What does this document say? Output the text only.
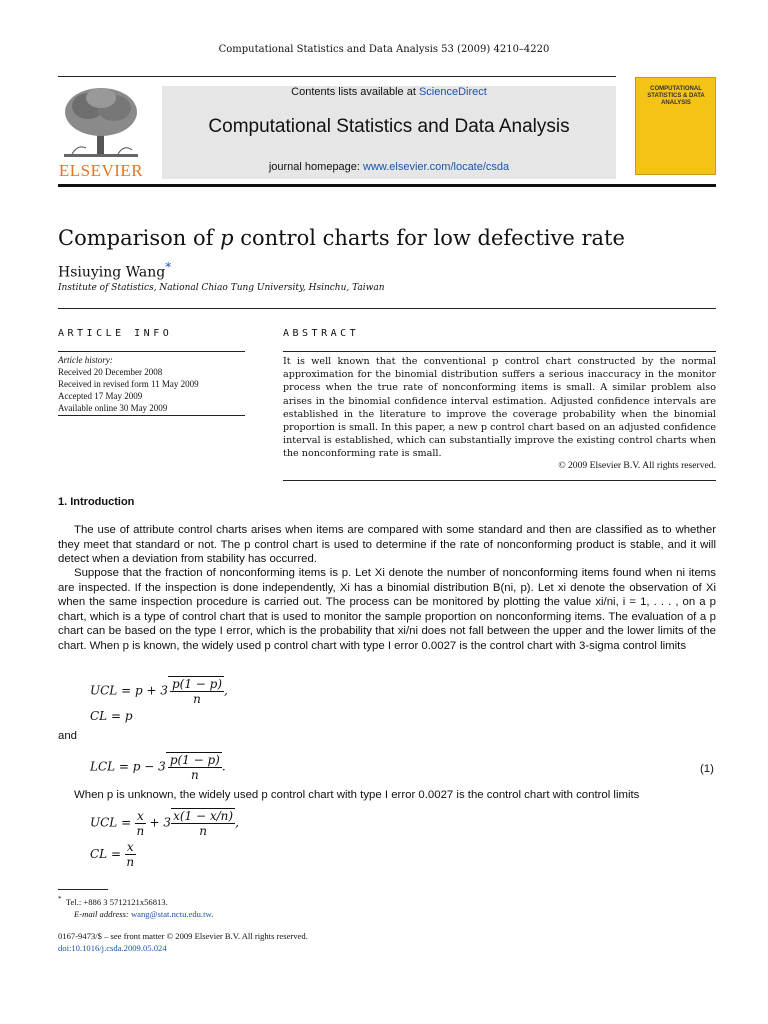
Computational Statistics and Data Analysis 53 (2009) 4210–4220
ELSEVIER
Contents lists available at ScienceDirect
Computational Statistics and Data Analysis
journal homepage: www.elsevier.com/locate/csda
COMPUTATIONAL STATISTICS & DATA ANALYSIS
Comparison of p control charts for low defective rate
Hsiuying Wang*
Institute of Statistics, National Chiao Tung University, Hsinchu, Taiwan
ARTICLE INFO	ABSTRACT
Article history:
Received 20 December 2008
Received in revised form 11 May 2009
Accepted 17 May 2009
Available online 30 May 2009
It is well known that the conventional p control chart constructed by the normal approximation for the binomial distribution suffers a serious inaccuracy in the monitor process when the true rate of nonconforming items is small. A similar problem also arises in the binomial confidence interval estimation. Adjusted confidence intervals are established in the literature to improve the coverage probability when the binomial proportion is small. In this paper, a new p control chart based on an adjusted confidence interval is established, which can substantially improve the existing control charts when the nonconforming rate is small.
© 2009 Elsevier B.V. All rights reserved.
1. Introduction
The use of attribute control charts arises when items are compared with some standard and then are classified as to whether they meet that standard or not. The p control chart is used to determine if the rate of nonconforming product is stable, and it will detect when a deviation from stability has occurred.
Suppose that the fraction of nonconforming items is p. Let Xi denote the number of nonconforming items found when ni items are inspected. If the inspection is done independently, Xi has a binomial distribution B(ni, p). Let xi denote the observation of Xi when the same inspection procedure is carried out. The process can be monitored by plotting the value xi/ni, i = 1, . . . , on a p chart, which is a type of control chart that is used to monitor the sample proportion on nonconforming items. The evaluation of a p chart can be based on the type I error, which is the probability that xi/ni does not fall between the upper and the lower limits of the chart. When p is known, the widely used p control chart with type I error 0.0027 is the control chart with 3-sigma control limits
UCL = $p + 3 \frac{p(1 - p)}{n}$ ,
CL = p
and
LCL = $p - 3 \frac{p(1 - p)}{n}$ .	(1)
When p is unknown, the widely used p control chart with type I error 0.0027 is the control chart with control limits
UCL = $\frac{x}{n} + 3 \frac{x(1 - x/n)}{n}$ ,
CL = $\frac{x}{n}$
* Tel.: +886 3 5712121x56813.
E-mail address: wang@stat.nctu.edu.tw.
0167-9473/$ – see front matter © 2009 Elsevier B.V. All rights reserved.
doi:10.1016/j.csda.2009.05.024
